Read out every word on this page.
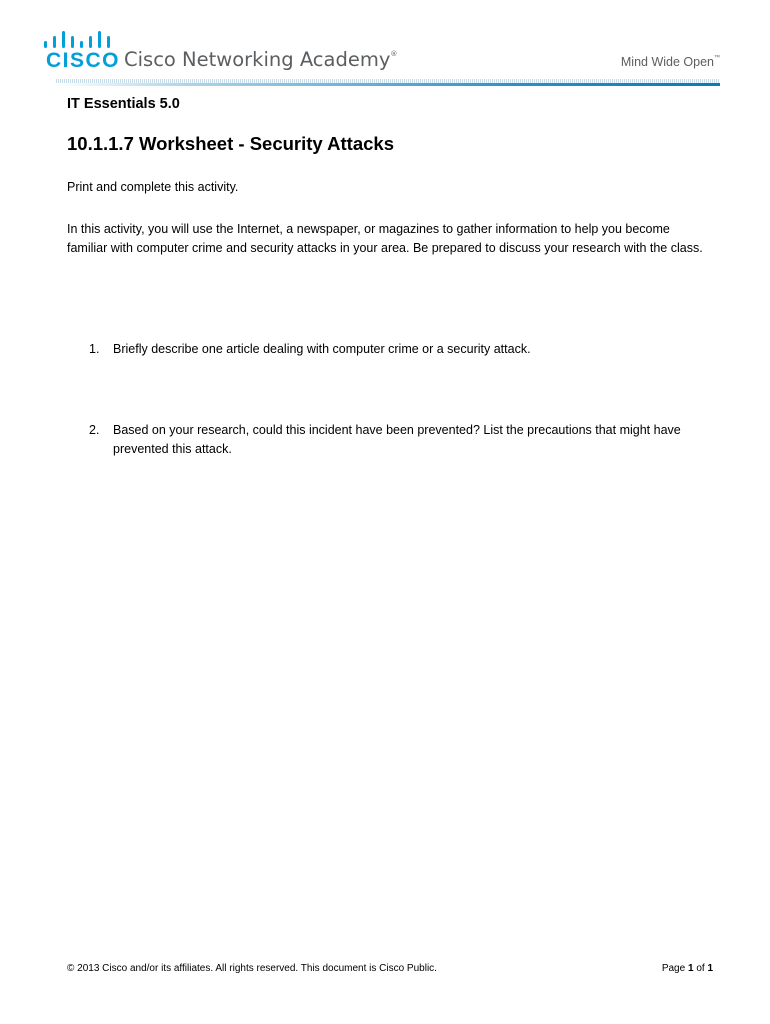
CISCO Cisco Networking Academy®
Mind Wide Open™
IT Essentials 5.0
10.1.1.7 Worksheet - Security Attacks
Print and complete this activity.
In this activity, you will use the Internet, a newspaper, or magazines to gather information to help you become familiar with computer crime and security attacks in your area. Be prepared to discuss your research with the class.
1.	Briefly describe one article dealing with computer crime or a security attack.
2.	Based on your research, could this incident have been prevented? List the precautions that might have prevented this attack.
© 2013 Cisco and/or its affiliates. All rights reserved. This document is Cisco Public.	Page 1 of 1
